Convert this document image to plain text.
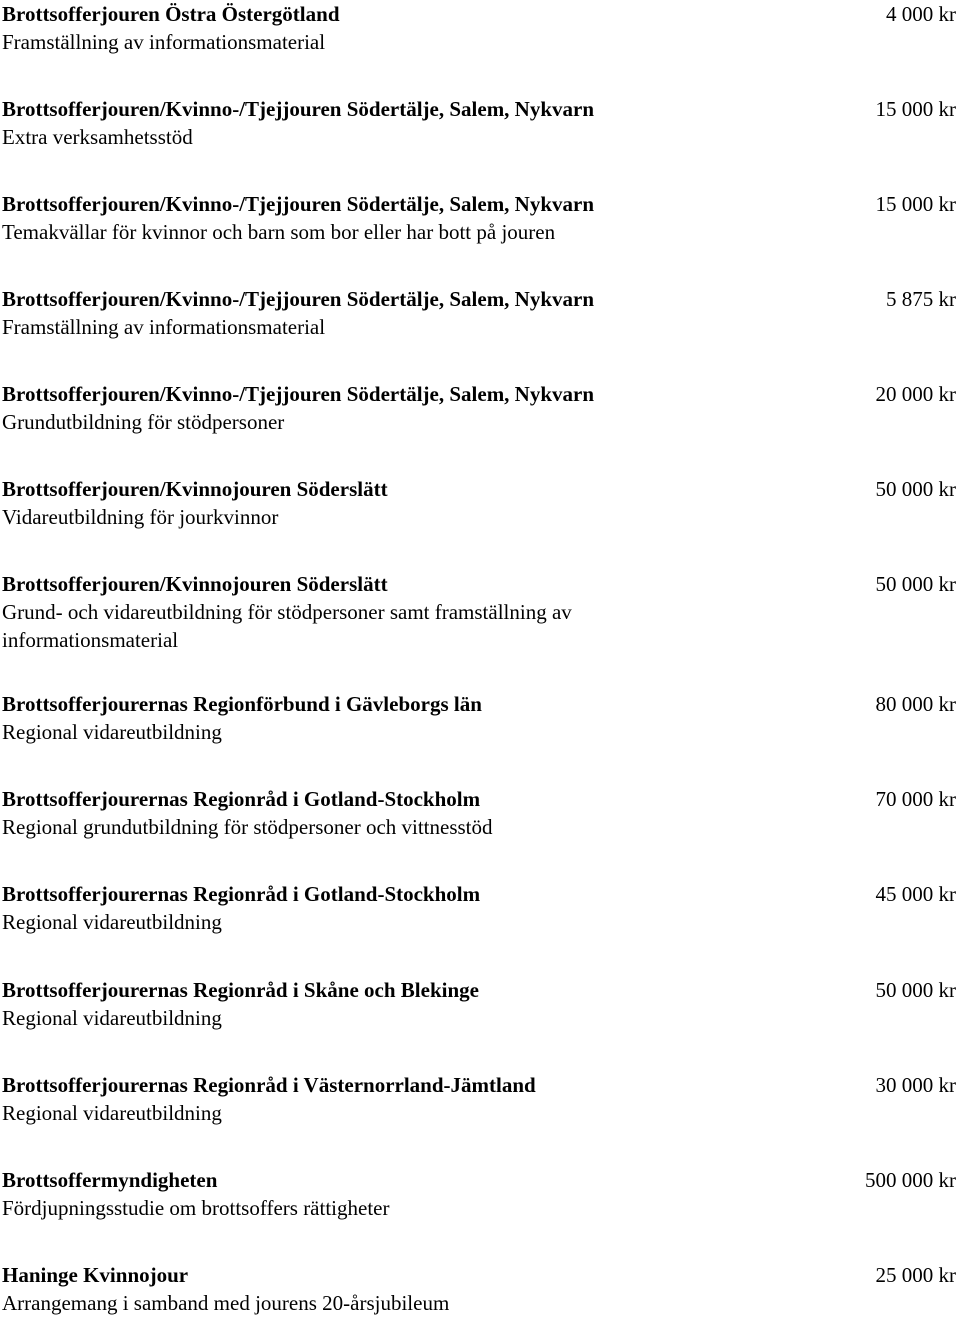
Brottsofferjouren Östra Östergötland
Framställning av informationsmaterial
4 000 kr
Brottsofferjouren/Kvinno-/Tjejjouren Södertälje, Salem, Nykvarn
Extra verksamhetsstöd
15 000 kr
Brottsofferjouren/Kvinno-/Tjejjouren Södertälje, Salem, Nykvarn
Temakvällar för kvinnor och barn som bor eller har bott på jouren
15 000 kr
Brottsofferjouren/Kvinno-/Tjejjouren Södertälje, Salem, Nykvarn
Framställning av informationsmaterial
5 875 kr
Brottsofferjouren/Kvinno-/Tjejjouren Södertälje, Salem, Nykvarn
Grundutbildning för stödpersoner
20 000 kr
Brottsofferjouren/Kvinnojouren Söderslätt
Vidareutbildning för jourkvinnor
50 000 kr
Brottsofferjouren/Kvinnojouren Söderslätt
Grund- och vidareutbildning för stödpersoner samt framställning av informationsmaterial
50 000 kr
Brottsofferjourernas Regionförbund i Gävleborgs län
Regional vidareutbildning
80 000 kr
Brottsofferjourernas Regionråd i Gotland-Stockholm
Regional grundutbildning för stödpersoner och vittnesstöd
70 000 kr
Brottsofferjourernas Regionråd i Gotland-Stockholm
Regional vidareutbildning
45 000 kr
Brottsofferjourernas Regionråd i Skåne och Blekinge
Regional vidareutbildning
50 000 kr
Brottsofferjourernas Regionråd i Västernorrland-Jämtland
Regional vidareutbildning
30 000 kr
Brottsoffermyndigheten
Fördjupningsstudie om brottsoffers rättigheter
500 000 kr
Haninge Kvinnojour
Arrangemang i samband med jourens 20-årsjubileum
25 000 kr
